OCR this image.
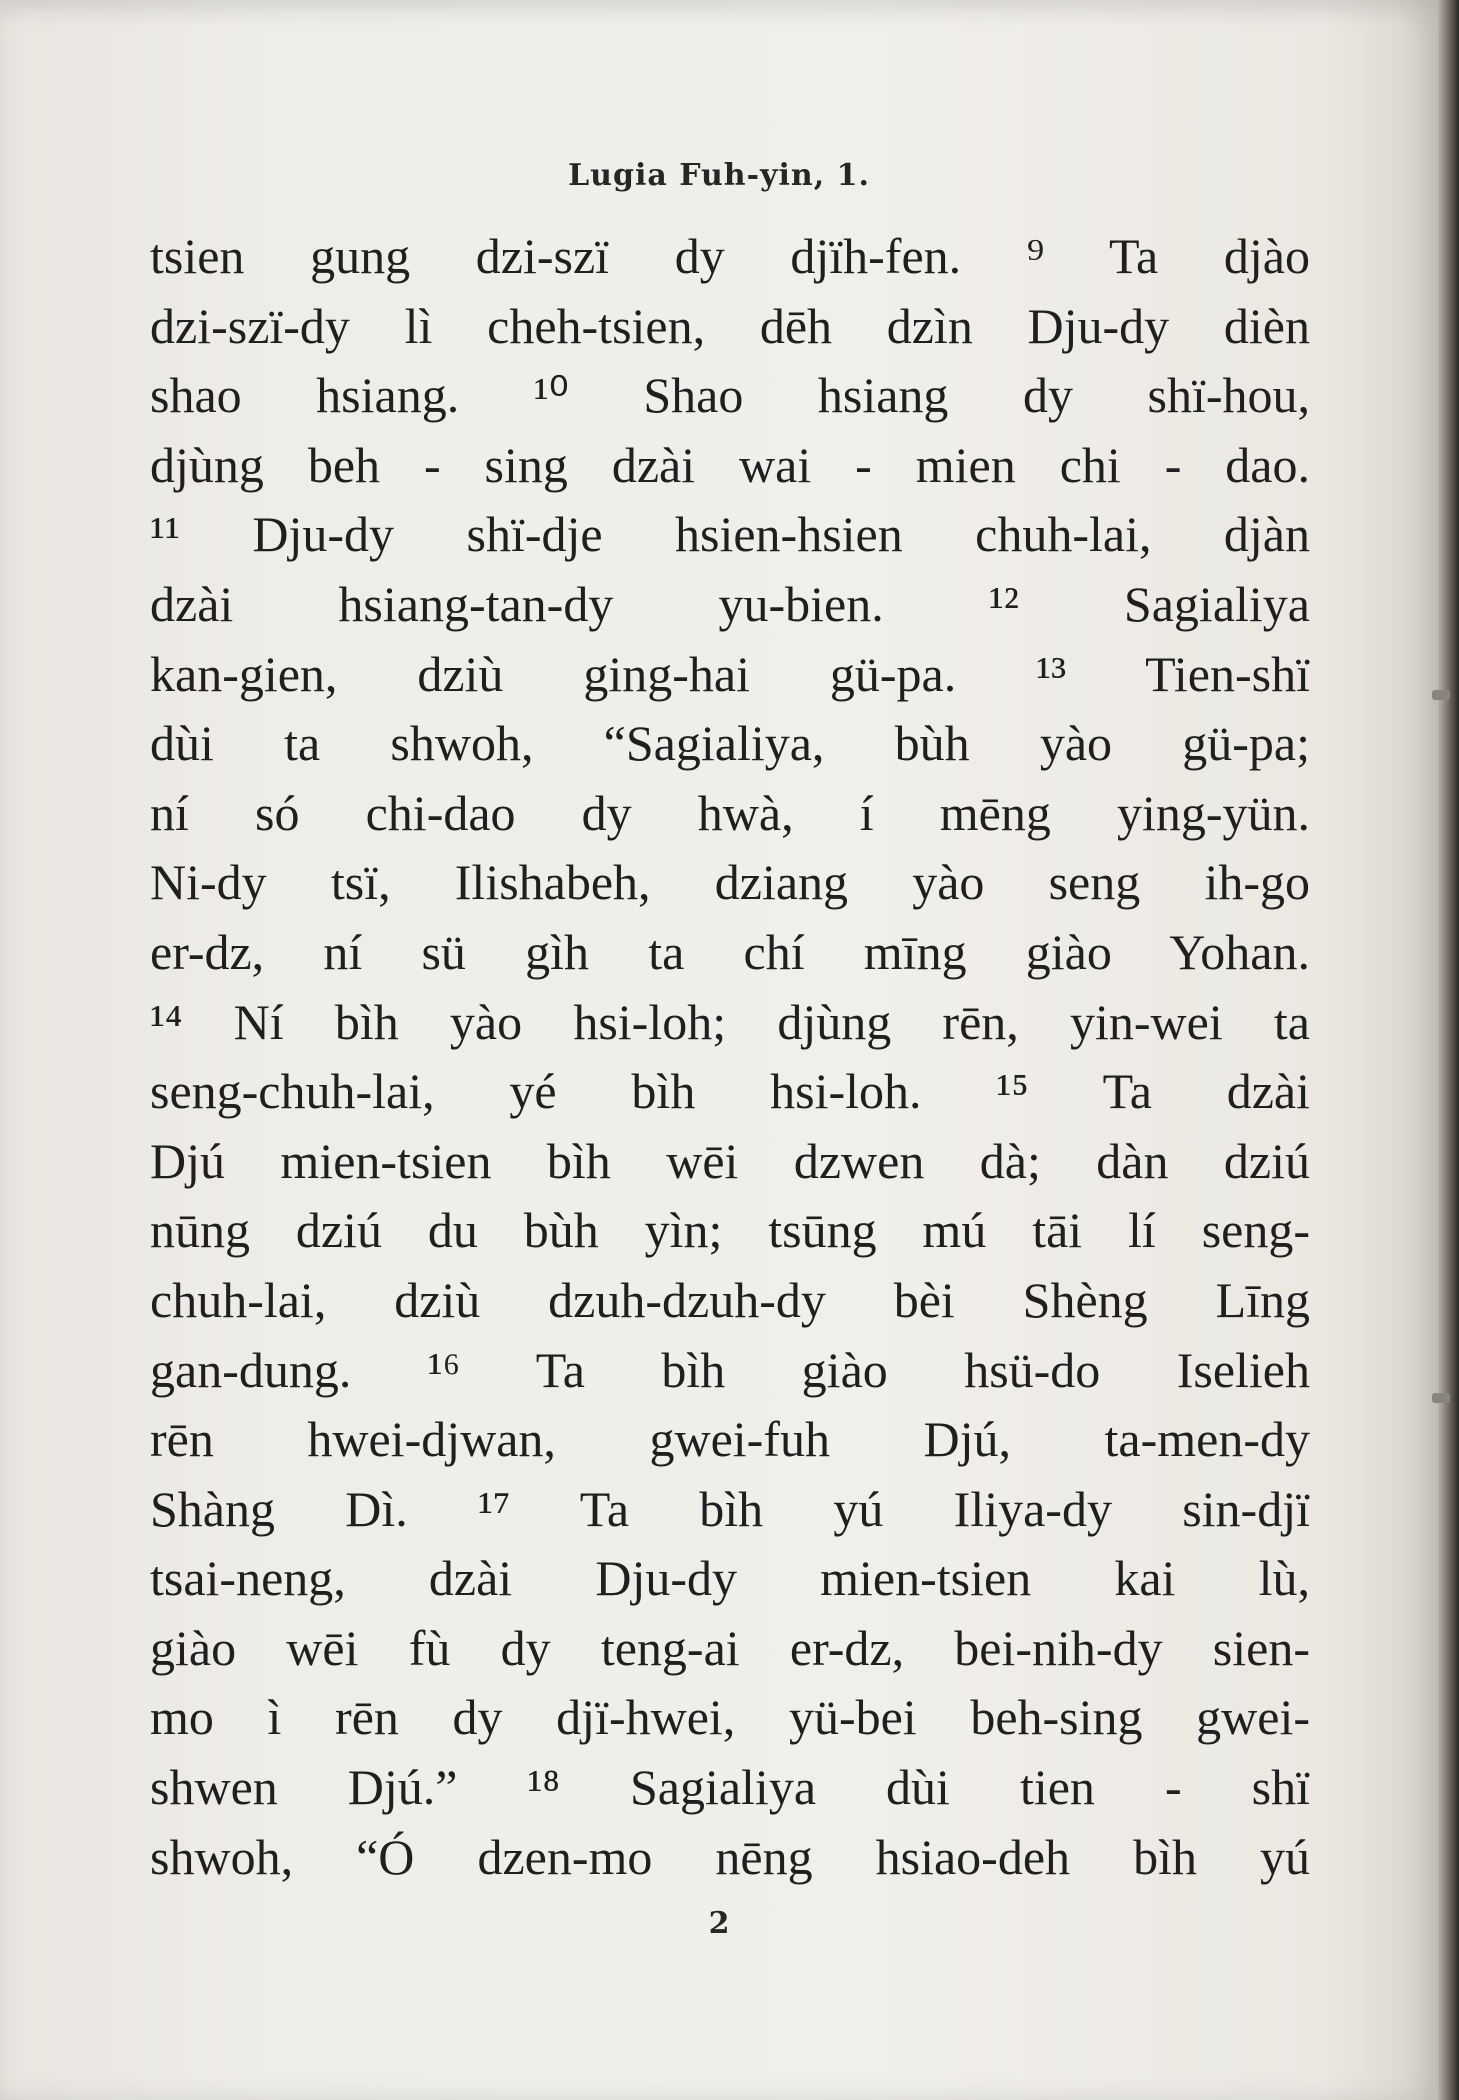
Lugia Fuh-yin, 1.
tsien gung dzi-szï dy djïh-fen. ⁹ Ta djào
dzi-szï-dy lì cheh-tsien, dēh dzìn Dju-dy dièn
shao hsiang. ¹⁰ Shao hsiang dy shï-hou,
djùng beh - sing dzài wai - mien chi - dao.
¹¹ Dju-dy shï-dje hsien-hsien chuh-lai, djàn
dzài hsiang-tan-dy yu-bien. ¹² Sagialiya
kan-gien, dziù ging-hai gü-pa. ¹³ Tien-shï
dùi ta shwoh, “Sagialiya, bùh yào gü-pa;
ní só chi-dao dy hwà, í mēng ying-yün.
Ni-dy tsï, Ilishabeh, dziang yào seng ih-go
er-dz, ní sü gìh ta chí mīng giào Yohan.
¹⁴ Ní bìh yào hsi-loh; djùng rēn, yin-wei ta
seng-chuh-lai, yé bìh hsi-loh. ¹⁵ Ta dzài
Djú mien-tsien bìh wēi dzwen dà; dàn dziú
nūng dziú du bùh yìn; tsūng mú tāi lí seng-
chuh-lai, dziù dzuh-dzuh-dy bèi Shèng Līng
gan-dung. ¹⁶ Ta bìh giào hsü-do Iselieh
rēn hwei-djwan, gwei-fuh Djú, ta-men-dy
Shàng Dì. ¹⁷ Ta bìh yú Iliya-dy sin-djï
tsai-neng, dzài Dju-dy mien-tsien kai lù,
giào wēi fù dy teng-ai er-dz, bei-nih-dy sien-
mo ì rēn dy djï-hwei, yü-bei beh-sing gwei-
shwen Djú.” ¹⁸ Sagialiya dùi tien - shï
shwoh, “Ó dzen-mo nēng hsiao-deh bìh yú
2
